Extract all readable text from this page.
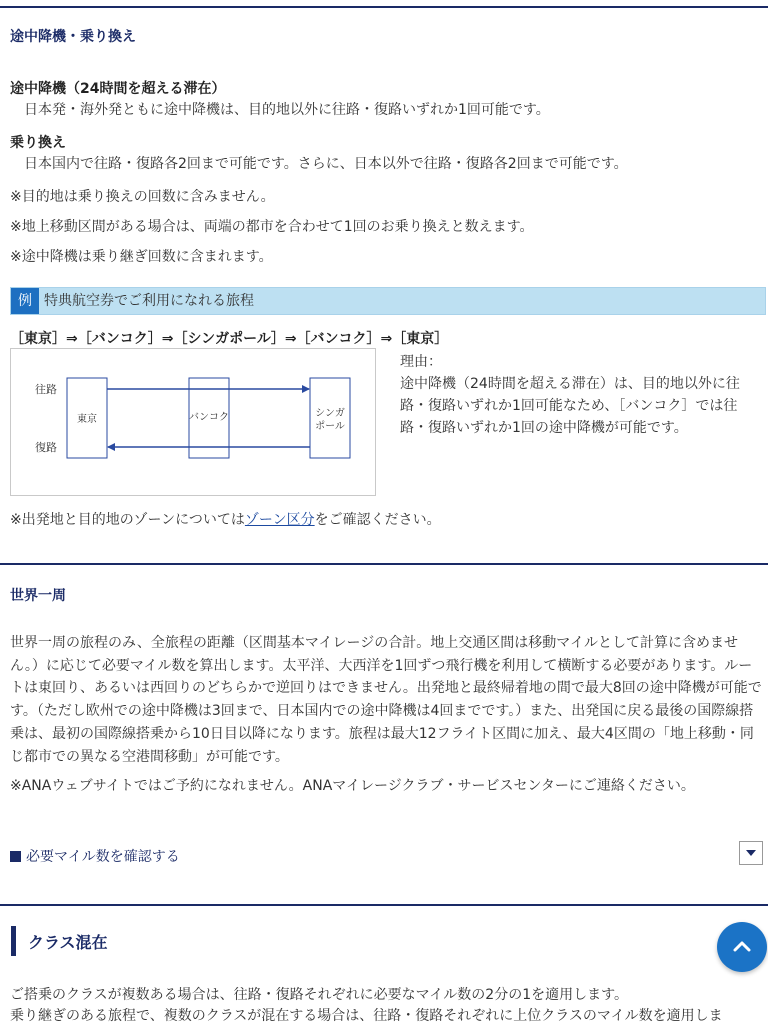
途中降機・乗り換え
途中降機（24時間を超える滞在）
日本発・海外発ともに途中降機は、目的地以外に往路・復路いずれか1回可能です。
乗り換え
日本国内で往路・復路各2回まで可能です。さらに、日本以外で往路・復路各2回まで可能です。
※目的地は乗り換えの回数に含みません。
※地上移動区間がある場合は、両端の都市を合わせて1回のお乗り換えと数えます。
※途中降機は乗り継ぎ回数に含まれます。
例 特典航空券でご利用になれる旅程
［東京］⇒［バンコク］⇒［シンガポール］⇒［バンコク］⇒［東京］
往路
復路
東京	バンコク	シンガ
ポール
理由：
途中降機（24時間を超える滞在）は、目的地以外に往
路・復路いずれか1回可能なため、［バンコク］では往
路・復路いずれか1回の途中降機が可能です。
※出発地と目的地のゾーンについてはゾーン区分をご確認ください。
世界一周
世界一周の旅程のみ、全旅程の距離（区間基本マイレージの合計。地上交通区間は移動マイルとして計算に含めません。）に応じて必要マイル数を算出します。太平洋、大西洋を1回ずつ飛行機を利用して横断する必要があります。ルートは東回り、あるいは西回りのどちらかで逆回りはできません。出発地と最終帰着地の間で最大8回の途中降機が可能です。（ただし欧州での途中降機は3回まで、日本国内での途中降機は4回までです。）また、出発国に戻る最後の国際線搭乗は、最初の国際線搭乗から10日目以降になります。旅程は最大12フライト区間に加え、最大4区間の「地上移動・同じ都市での異なる空港間移動」が可能です。
※ANAウェブサイトではご予約になれません。ANAマイレージクラブ・サービスセンターにご連絡ください。
必要マイル数を確認する
クラス混在
ご搭乗のクラスが複数ある場合は、往路・復路それぞれに必要なマイル数の2分の1を適用します。
乗り継ぎのある旅程で、複数のクラスが混在する場合は、往路・復路それぞれに上位クラスのマイル数を適用しま
